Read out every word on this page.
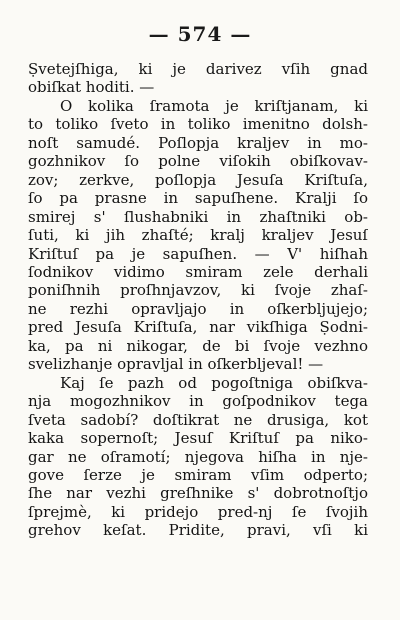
— 574 —
Ṣvetejſhiga, ki je darivez vſih gnad
obiſkat hoditi. —
O kolika ſramota je kriſtjanam, ki
to toliko ſveto in toliko imenitno dolsh-
noſt samudé. Poſlopja kraljev in mo-
gozhnikov ſo polne viſokih obiſkovav-
zov; zerkve, poſlopja Jesuſa Kriſtuſa,
ſo pa prasne in sapuſhene. Kralji ſo
smirej s' ſlushabniki in zhaſtniki ob-
ſuti, ki jih zhaſté; kralj kraljev Jesuſ
Kriſtuſ pa je sapuſhen. — V' hiſhah
ſodnikov vidimo smiram zele derhali
poniſhnih proſhnjavzov, ki ſvoje zhaſ-
ne rezhi opravljajo in oſkerbljujejo;
pred Jesuſa Kriſtuſa, nar vikſhiga Ṣodni-
ka, pa ni nikogar, de bi ſvoje vezhno
svelizhanje opravljal in oſkerbljeval! —
Kaj ſe pazh od pogoſtniga obiſkva-
nja mogozhnikov in goſpodnikov tega
ſveta sadobí? doſtikrat ne drusiga, kot
kaka sopernoſt; Jesuſ Kriſtuſ pa niko-
gar ne oſramotí; njegova hiſha in nje-
gove ſerze je smiram vſim odperto;
ſhe nar vezhi greſhnike s' dobrotnoſtjo
ſprejmè, ki pridejo pred-nj ſe ſvojih
grehov keſat. Pridite, pravi, vſi ki
